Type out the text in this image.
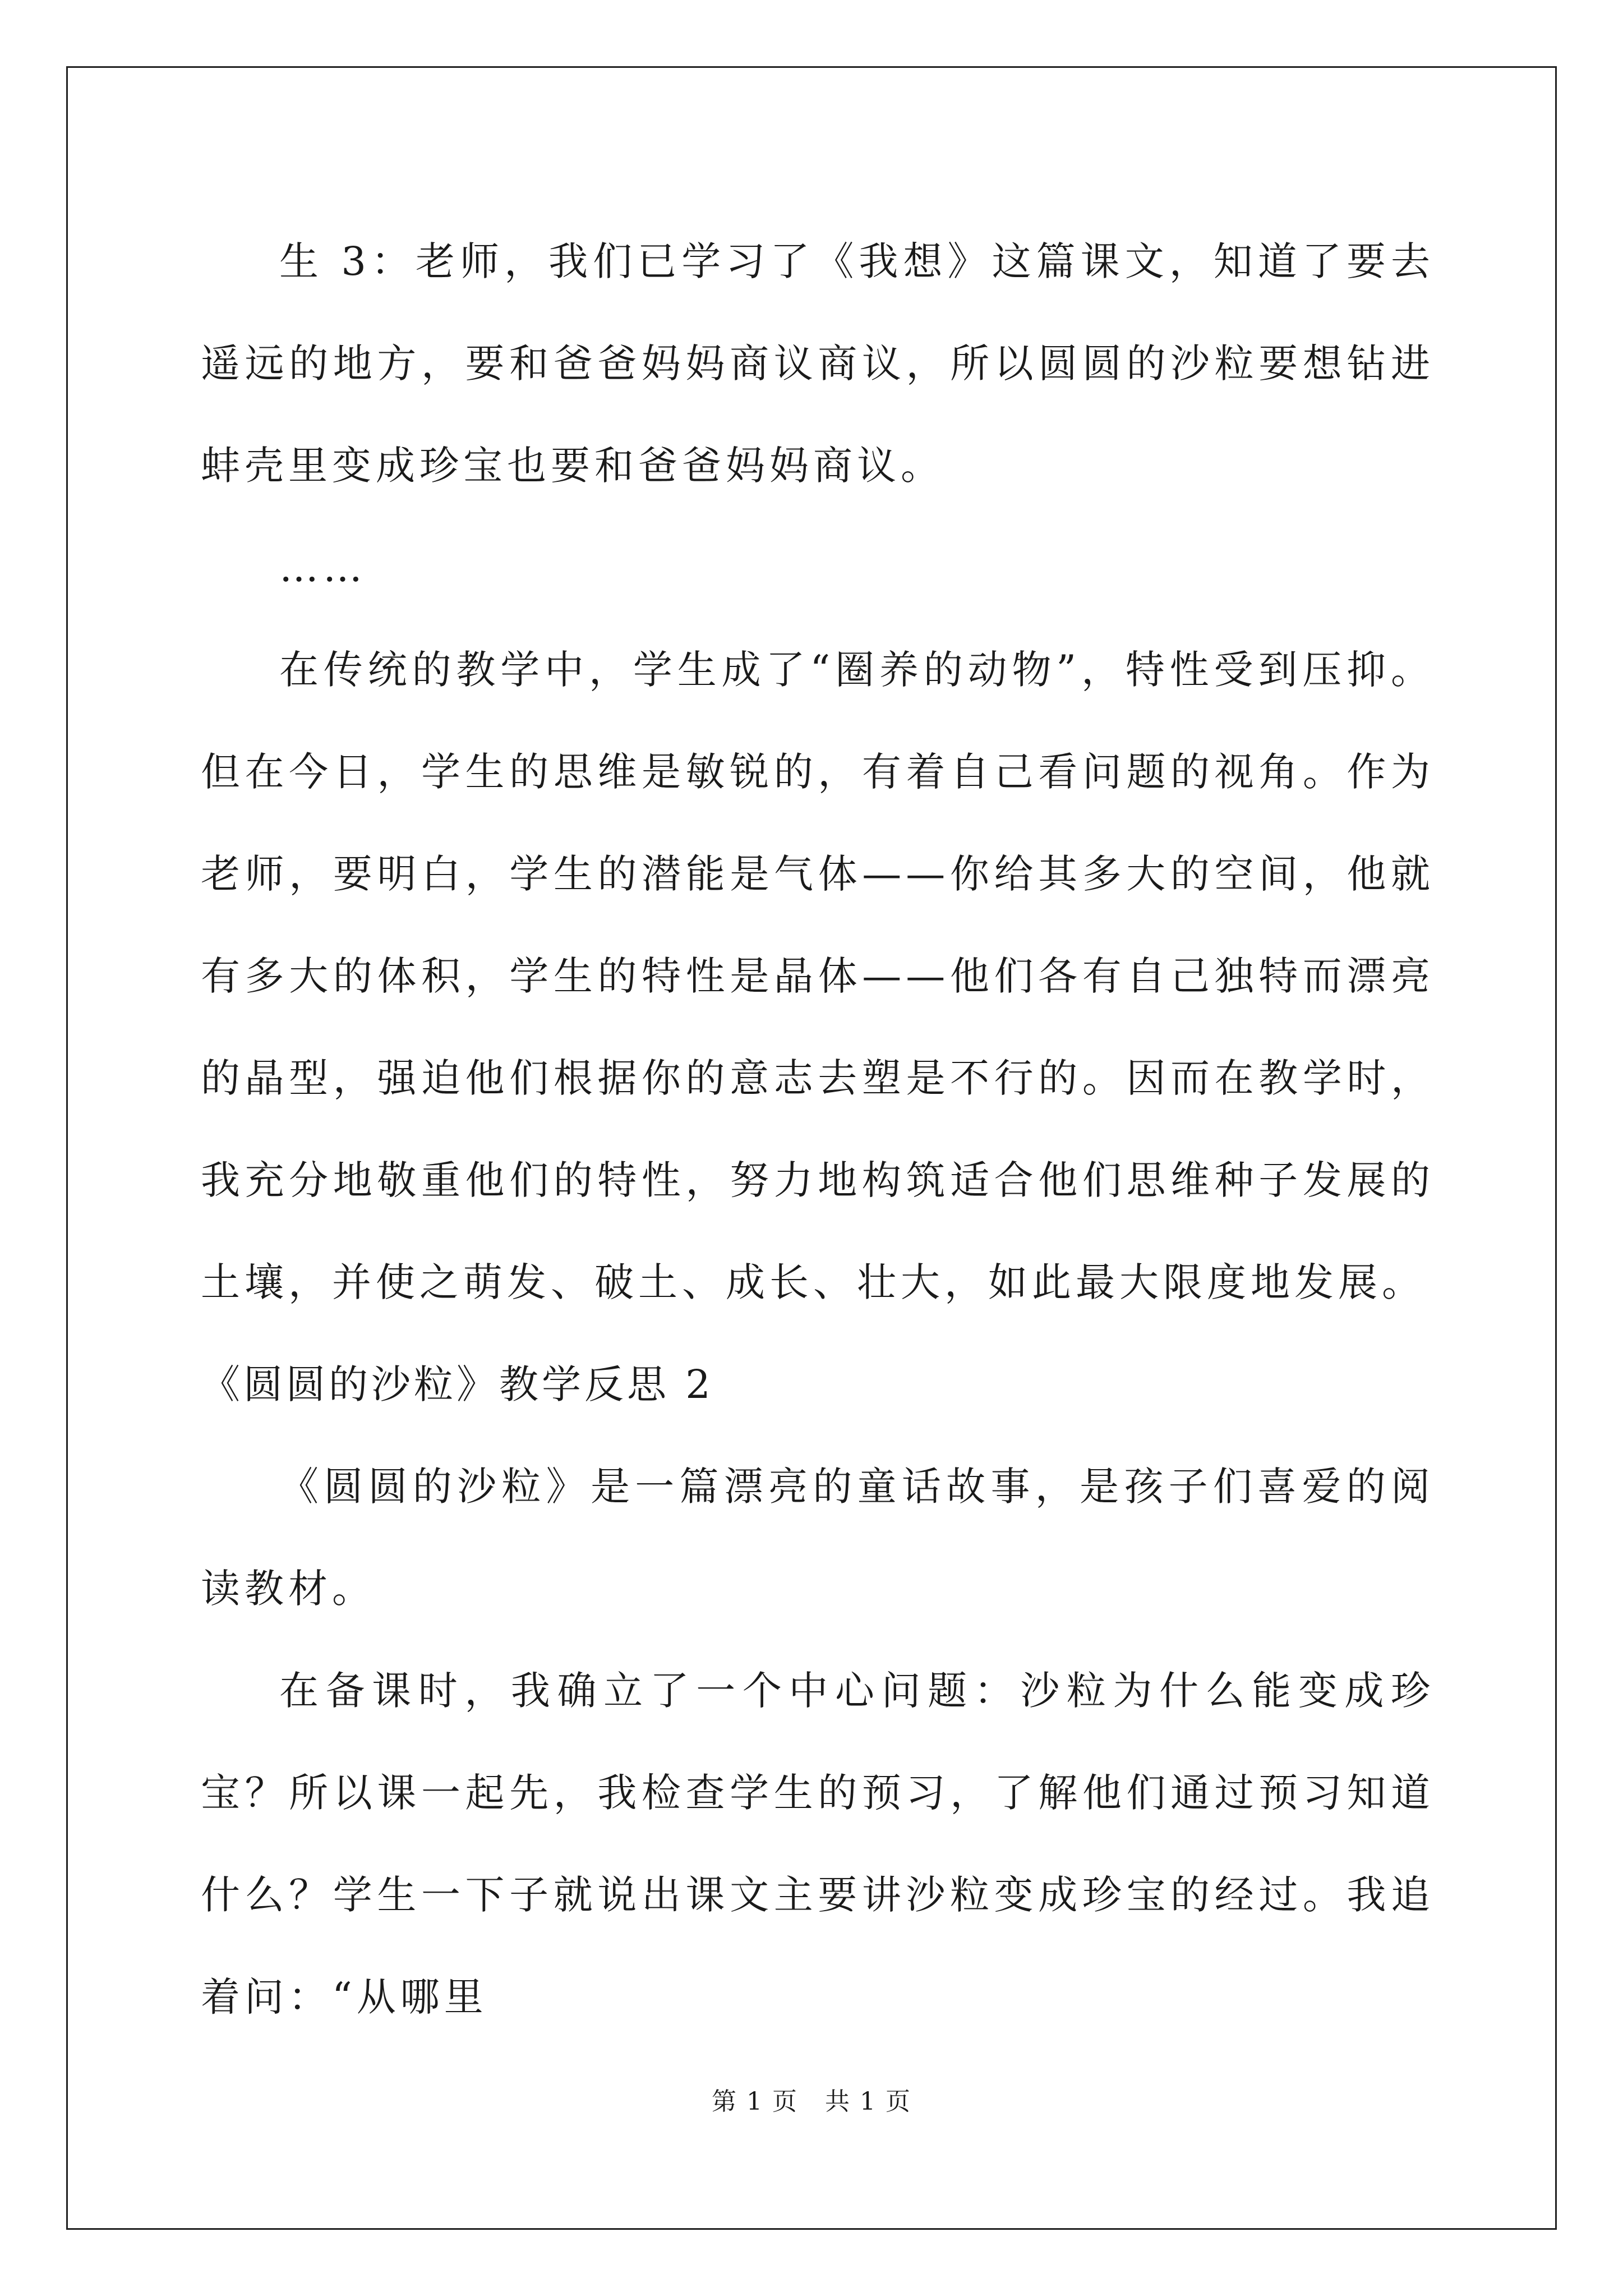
生 3：老师，我们已学习了《我想》这篇课文，知道了要去遥远的地方，要和爸爸妈妈商议商议，所以圆圆的沙粒要想钻进蚌壳里变成珍宝也要和爸爸妈妈商议。

……

在传统的教学中，学生成了“圈养的动物”，特性受到压抑。但在今日，学生的思维是敏锐的，有着自己看问题的视角。作为老师，要明白，学生的潜能是气体——你给其多大的空间，他就有多大的体积，学生的特性是晶体——他们各有自己独特而漂亮的晶型，强迫他们根据你的意志去塑是不行的。因而在教学时，我充分地敬重他们的特性，努力地构筑适合他们思维种子发展的土壤，并使之萌发、破土、成长、壮大，如此最大限度地发展。

《圆圆的沙粒》教学反思 2

《圆圆的沙粒》是一篇漂亮的童话故事，是孩子们喜爱的阅读教材。

在备课时，我确立了一个中心问题：沙粒为什么能变成珍宝？所以课一起先，我检查学生的预习，了解他们通过预习知道什么？学生一下子就说出课文主要讲沙粒变成珍宝的经过。我追着问：“从哪里

第 1 页 共 1 页
